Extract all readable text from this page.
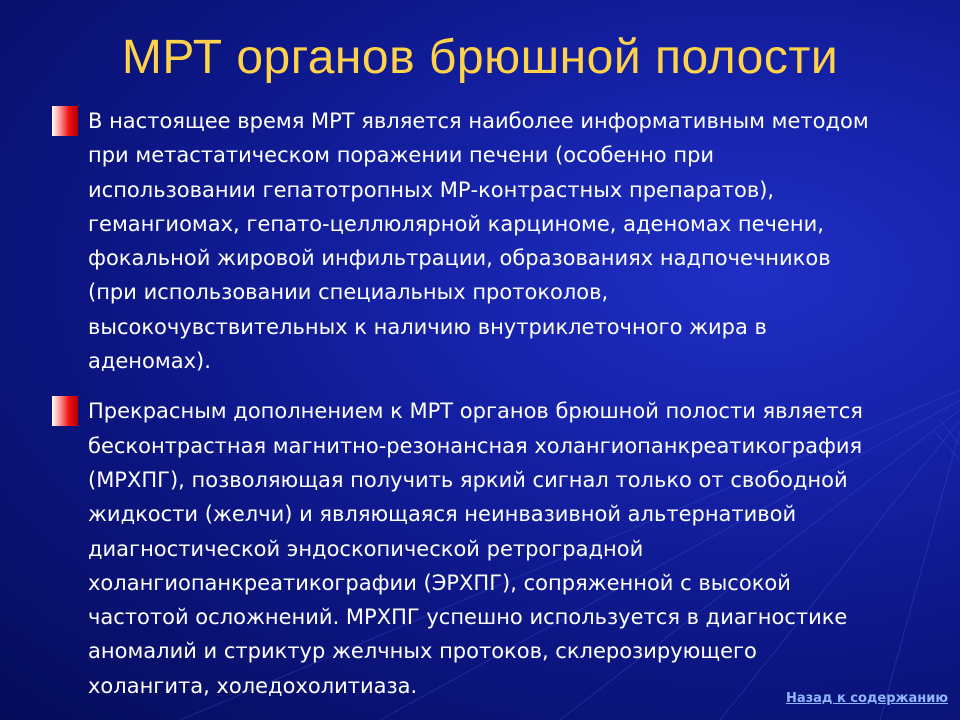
МРТ органов брюшной полости
В настоящее время МРТ является наиболее информативным методом
при метастатическом поражении печени (особенно при
использовании гепатотропных МР-контрастных препаратов),
гемангиомах, гепато-целлюлярной карциноме, аденомах печени,
фокальной жировой инфильтрации, образованиях надпочечников
(при использовании специальных протоколов,
высокочувствительных к наличию внутриклеточного жира в
аденомах).
Прекрасным дополнением к МРТ органов брюшной полости является
бесконтрастная магнитно-резонансная холангиопанкреатикография
(МРХПГ), позволяющая получить яркий сигнал только от свободной
жидкости (желчи) и являющаяся неинвазивной альтернативой
диагностической эндоскопической ретроградной
холангиопанкреатикографии (ЭРХПГ), сопряженной с высокой
частотой осложнений. МРХПГ успешно используется в диагностике
аномалий и стриктур желчных протоков, склерозирующего
холангита, холедохолитиаза.
Назад к содержанию
